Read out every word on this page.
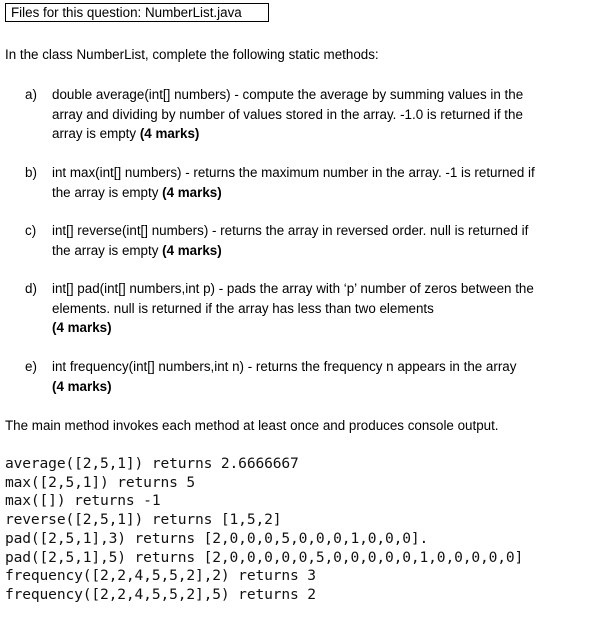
Files for this question: NumberList.java
In the class NumberList, complete the following static methods:
a)	double average(int[] numbers) - compute the average by summing values in the
array and dividing by number of values stored in the array. -1.0 is returned if the
array is empty (4 marks)
b)	int max(int[] numbers) - returns the maximum number in the array. -1 is returned if
the array is empty (4 marks)
c)	int[] reverse(int[] numbers) - returns the array in reversed order. null is returned if
the array is empty (4 marks)
d)	int[] pad(int[] numbers,int p) - pads the array with ‘p’ number of zeros between the
elements. null is returned if the array has less than two elements
(4 marks)
e)	int frequency(int[] numbers,int n) - returns the frequency n appears in the array
(4 marks)
The main method invokes each method at least once and produces console output.
average([2,5,1]) returns 2.6666667
max([2,5,1]) returns 5
max([]) returns -1
reverse([2,5,1]) returns [1,5,2]
pad([2,5,1],3) returns [2,0,0,0,5,0,0,0,1,0,0,0].
pad([2,5,1],5) returns [2,0,0,0,0,0,5,0,0,0,0,0,1,0,0,0,0,0]
frequency([2,2,4,5,5,2],2) returns 3
frequency([2,2,4,5,5,2],5) returns 2
